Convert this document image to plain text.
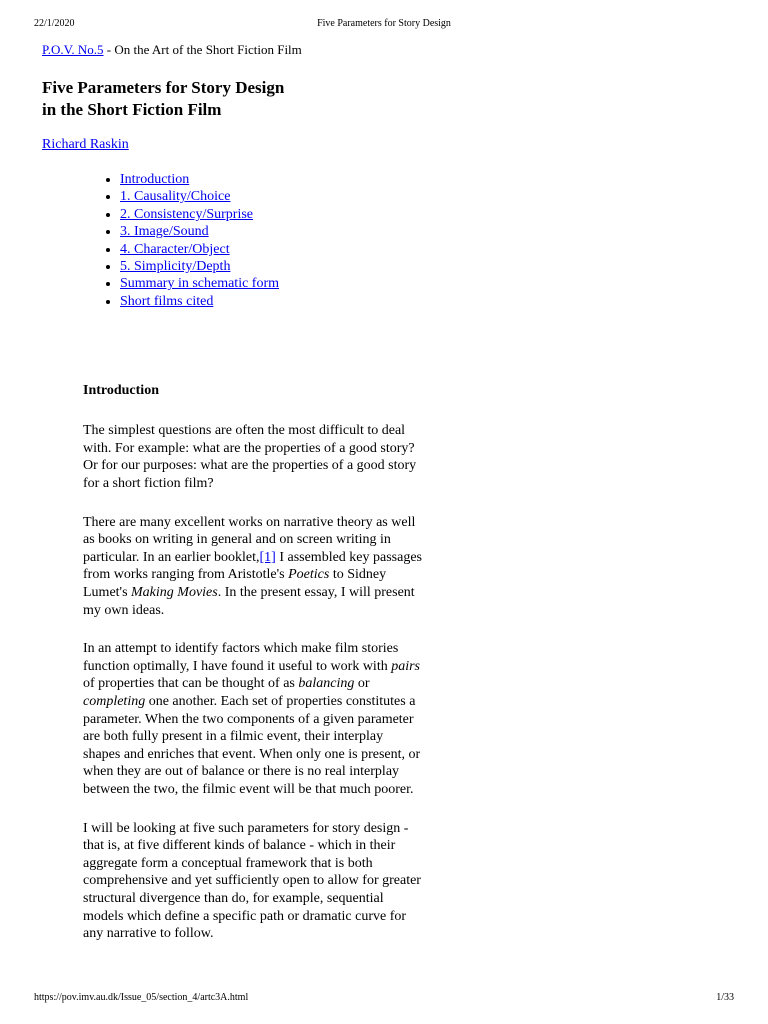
22/1/2020	Five Parameters for Story Design

P.O.V. No.5 - On the Art of the Short Fiction Film

Five Parameters for Story Design
in the Short Fiction Film

Richard Raskin

• Introduction
• 1. Causality/Choice
• 2. Consistency/Surprise
• 3. Image/Sound
• 4. Character/Object
• 5. Simplicity/Depth
• Summary in schematic form
• Short films cited
Introduction

The simplest questions are often the most difficult to deal with. For example: what are the properties of a good story? Or for our purposes: what are the properties of a good story for a short fiction film?

There are many excellent works on narrative theory as well as books on writing in general and on screen writing in particular. In an earlier booklet,[1] I assembled key passages from works ranging from Aristotle's Poetics to Sidney Lumet's Making Movies. In the present essay, I will present my own ideas.

In an attempt to identify factors which make film stories function optimally, I have found it useful to work with pairs of properties that can be thought of as balancing or completing one another. Each set of properties constitutes a parameter. When the two components of a given parameter are both fully present in a filmic event, their interplay shapes and enriches that event. When only one is present, or when they are out of balance or there is no real interplay between the two, the filmic event will be that much poorer.

I will be looking at five such parameters for story design - that is, at five different kinds of balance - which in their aggregate form a conceptual framework that is both comprehensive and yet sufficiently open to allow for greater structural divergence than do, for example, sequential models which define a specific path or dramatic curve for any narrative to follow.

https://pov.imv.au.dk/Issue_05/section_4/artc3A.html	1/33
